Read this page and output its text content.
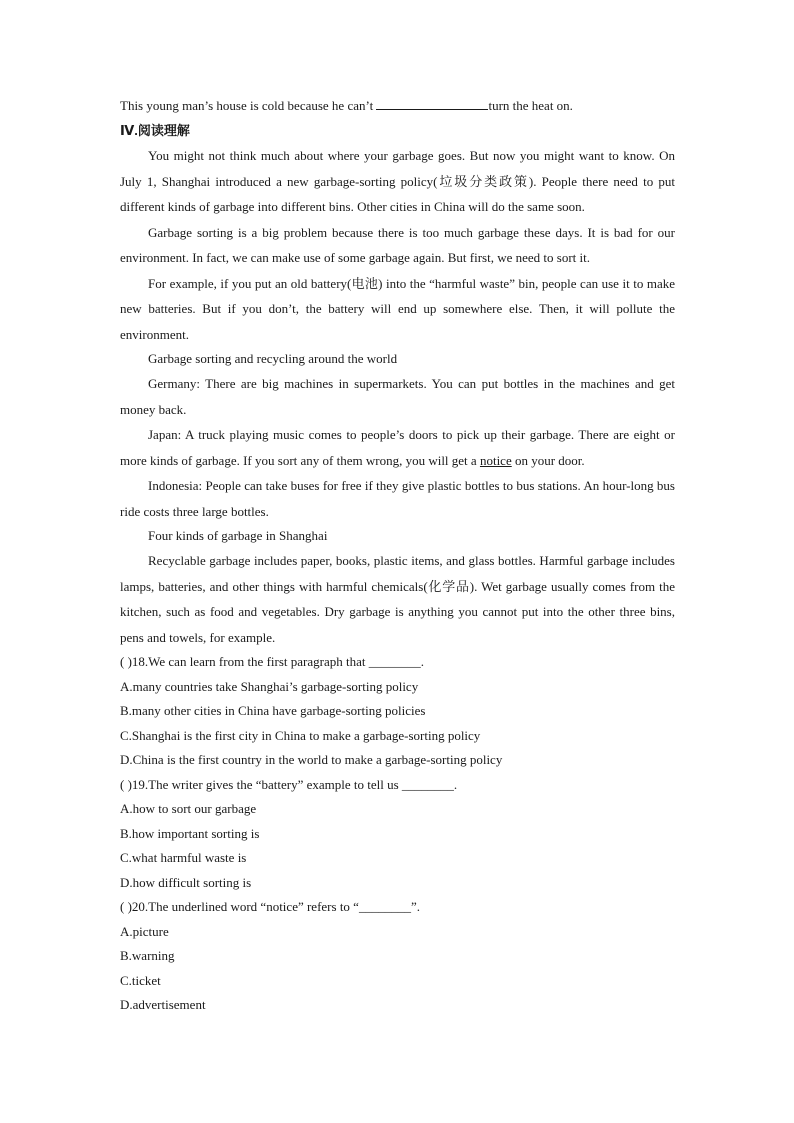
This young man’s house is cold because he can’t	turn the heat on.
Ⅳ.阅读理解

You might not think much about where your garbage goes. But now you might want to know. On July 1, Shanghai introduced a new garbage-sorting policy(垃圾分类政策). People there need to put different kinds of garbage into different bins. Other cities in China will do the same soon.

Garbage sorting is a big problem because there is too much garbage these days. It is bad for our environment. In fact, we can make use of some garbage again. But first, we need to sort it.

For example, if you put an old battery(电池) into the “harmful waste” bin, people can use it to make new batteries. But if you don’t, the battery will end up somewhere else. Then, it will pollute the environment.

Garbage sorting and recycling around the world

Germany: There are big machines in supermarkets. You can put bottles in the machines and get money back.

Japan: A truck playing music comes to people’s doors to pick up their garbage. There are eight or more kinds of garbage. If you sort any of them wrong, you will get a notice on your door.

Indonesia: People can take buses for free if they give plastic bottles to bus stations. An hour-long bus ride costs three large bottles.

Four kinds of garbage in Shanghai

Recyclable garbage includes paper, books, plastic items, and glass bottles. Harmful garbage includes lamps, batteries, and other things with harmful chemicals(化学品). Wet garbage usually comes from the kitchen, such as food and vegetables. Dry garbage is anything you cannot put into the other three bins, pens and towels, for example.

( )18.We can learn from the first paragraph that ________.
A.many countries take Shanghai’s garbage-sorting policy
B.many other cities in China have garbage-sorting policies
C.Shanghai is the first city in China to make a garbage-sorting policy
D.China is the first country in the world to make a garbage-sorting policy
( )19.The writer gives the “battery” example to tell us ________.
A.how to sort our garbage
B.how important sorting is
C.what harmful waste is
D.how difficult sorting is
( )20.The underlined word “notice” refers to “________”.
A.picture
B.warning
C.ticket
D.advertisement
